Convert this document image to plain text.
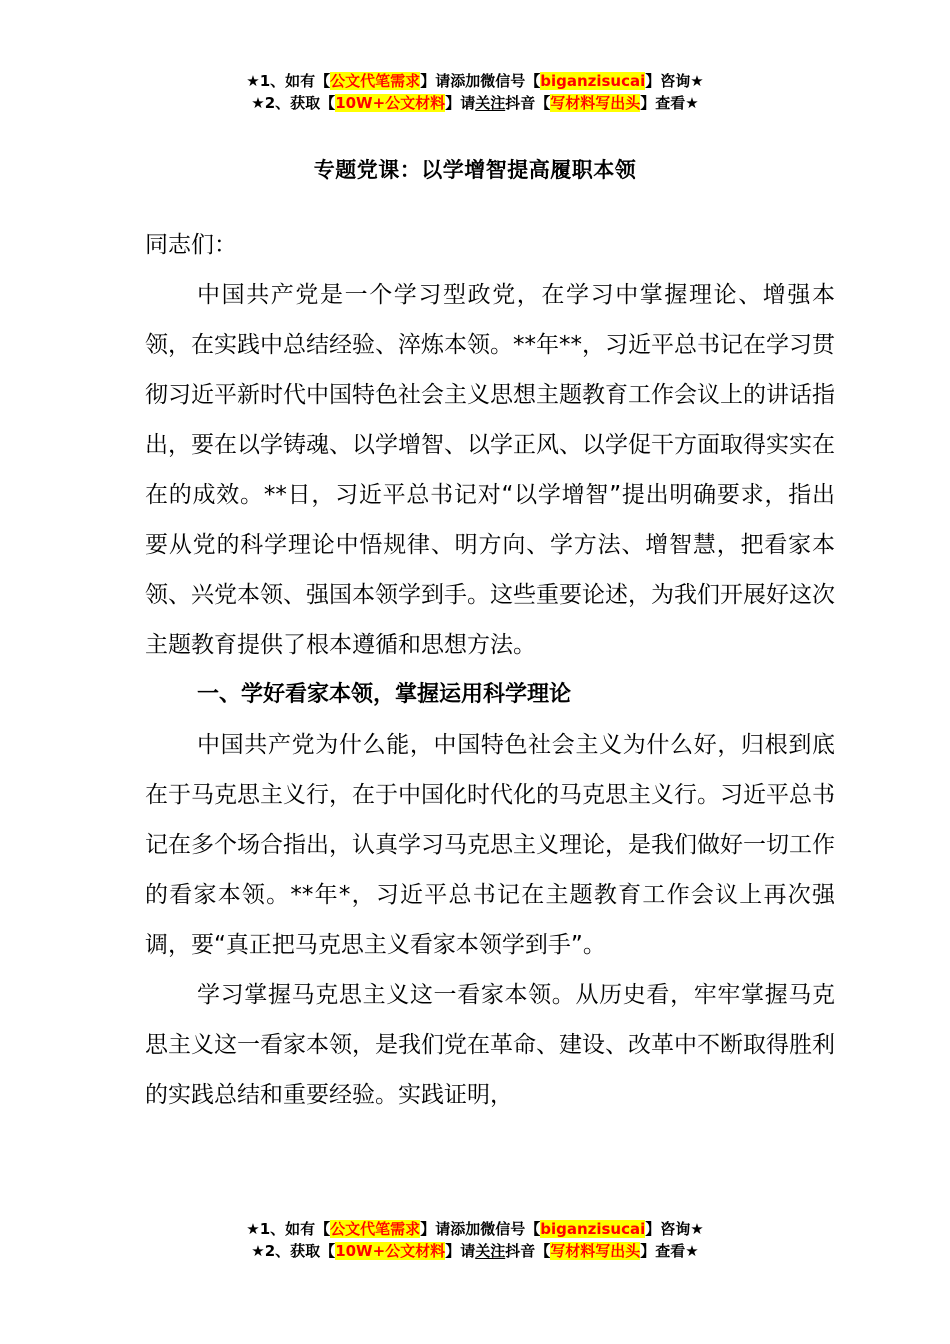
★1、如有【公文代笔需求】请添加微信号【biganzisucai】咨询★
★2、获取【10W+公文材料】请关注抖音【写材料写出头】查看★
专题党课：以学增智提高履职本领

同志们：

中国共产党是一个学习型政党，在学习中掌握理论、增强本领，在实践中总结经验、淬炼本领。**年**，习近平总书记在学习贯彻习近平新时代中国特色社会主义思想主题教育工作会议上的讲话指出，要在以学铸魂、以学增智、以学正风、以学促干方面取得实实在在的成效。**日，习近平总书记对“以学增智”提出明确要求，指出要从党的科学理论中悟规律、明方向、学方法、增智慧，把看家本领、兴党本领、强国本领学到手。这些重要论述，为我们开展好这次主题教育提供了根本遵循和思想方法。

一、学好看家本领，掌握运用科学理论

中国共产党为什么能，中国特色社会主义为什么好，归根到底在于马克思主义行，在于中国化时代化的马克思主义行。习近平总书记在多个场合指出，认真学习马克思主义理论，是我们做好一切工作的看家本领。**年*，习近平总书记在主题教育工作会议上再次强调，要“真正把马克思主义看家本领学到手”。

学习掌握马克思主义这一看家本领。从历史看，牢牢掌握马克思主义这一看家本领，是我们党在革命、建设、改革中不断取得胜利的实践总结和重要经验。实践证明，

★1、如有【公文代笔需求】请添加微信号【biganzisucai】咨询★
★2、获取【10W+公文材料】请关注抖音【写材料写出头】查看★
